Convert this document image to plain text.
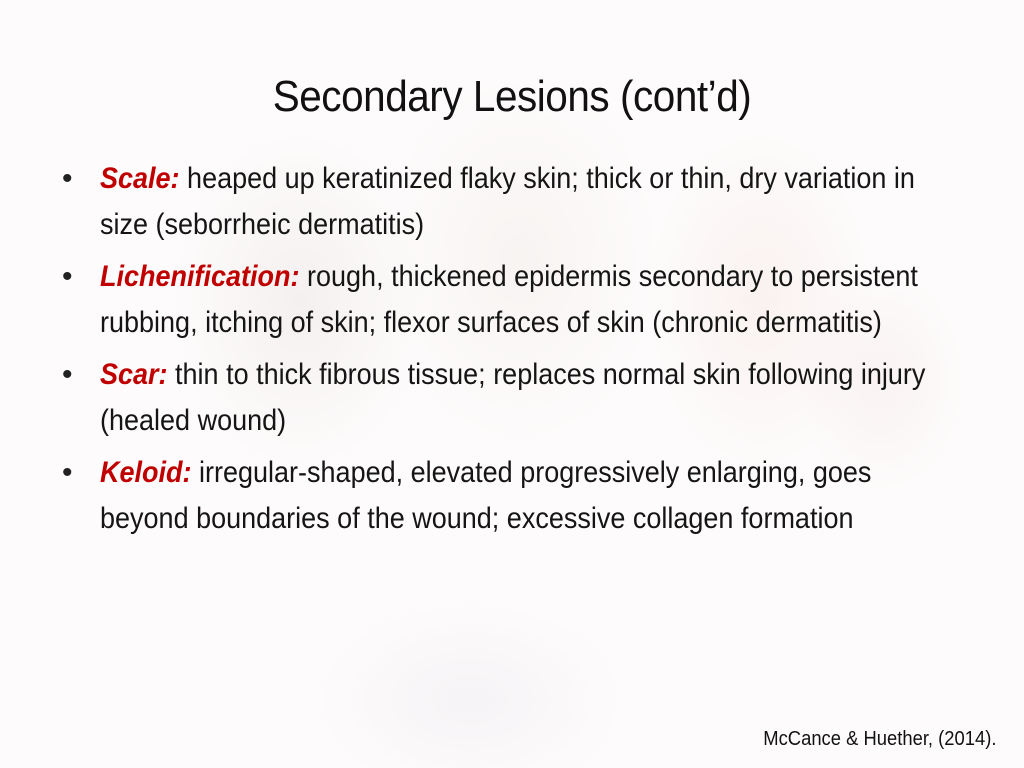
Secondary Lesions (cont’d)
• Scale: heaped up keratinized flaky skin; thick or thin, dry variation in size (seborrheic dermatitis)
• Lichenification: rough, thickened epidermis secondary to persistent rubbing, itching of skin; flexor surfaces of skin (chronic dermatitis)
• Scar: thin to thick fibrous tissue; replaces normal skin following injury (healed wound)
• Keloid: irregular-shaped, elevated progressively enlarging, goes beyond boundaries of the wound; excessive collagen formation
McCance & Huether, (2014).
